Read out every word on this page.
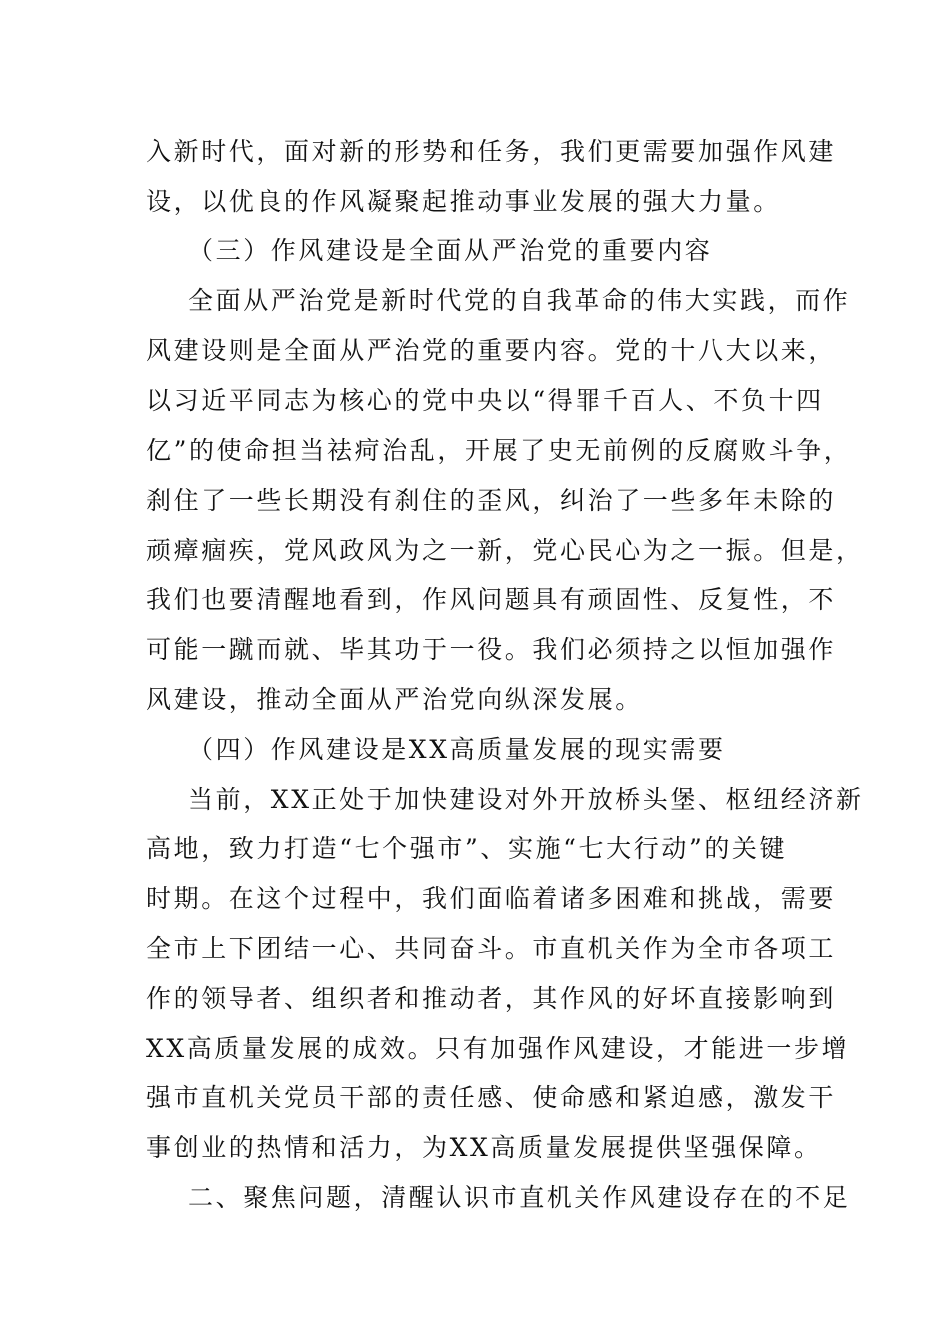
入新时代，面对新的形势和任务，我们更需要加强作风建

设，以优良的作风凝聚起推动事业发展的强大力量。

（三）作风建设是全面从严治党的重要内容

全面从严治党是新时代党的自我革命的伟大实践，而作

风建设则是全面从严治党的重要内容。党的十八大以来，

以习近平同志为核心的党中央以“得罪千百人、不负十四

亿”的使命担当祛疴治乱，开展了史无前例的反腐败斗争，

刹住了一些长期没有刹住的歪风，纠治了一些多年未除的

顽瘴痼疾，党风政风为之一新，党心民心为之一振。但是，

我们也要清醒地看到，作风问题具有顽固性、反复性，不

可能一蹴而就、毕其功于一役。我们必须持之以恒加强作

风建设，推动全面从严治党向纵深发展。

（四）作风建设是XX高质量发展的现实需要

当前，XX正处于加快建设对外开放桥头堡、枢纽经济新

高地，致力打造“七个强市”、实施“七大行动”的关键

时期。在这个过程中，我们面临着诸多困难和挑战，需要

全市上下团结一心、共同奋斗。市直机关作为全市各项工

作的领导者、组织者和推动者，其作风的好坏直接影响到

XX高质量发展的成效。只有加强作风建设，才能进一步增

强市直机关党员干部的责任感、使命感和紧迫感，激发干

事创业的热情和活力，为XX高质量发展提供坚强保障。

二、聚焦问题，清醒认识市直机关作风建设存在的不足
